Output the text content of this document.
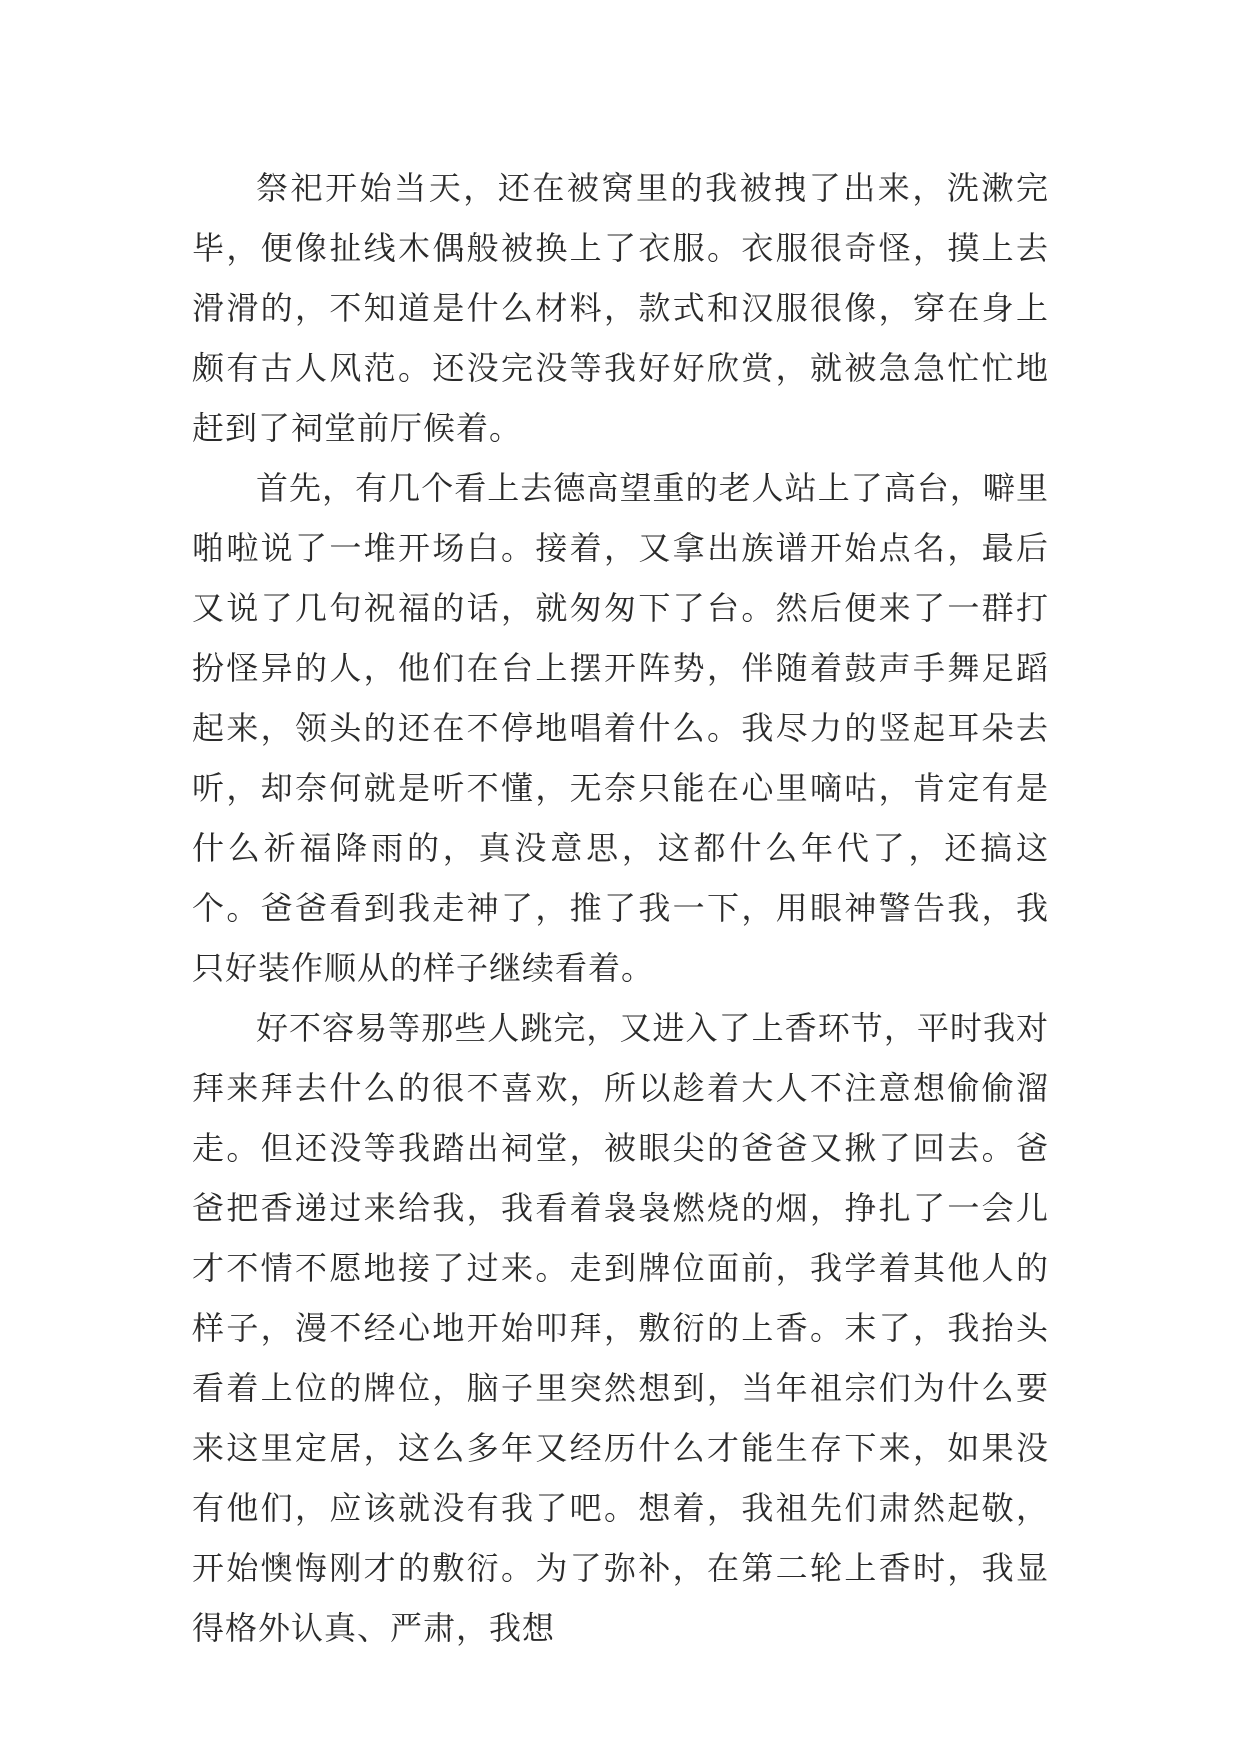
祭祀开始当天，还在被窝里的我被拽了出来，洗漱完毕，便像扯线木偶般被换上了衣服。衣服很奇怪，摸上去滑滑的，不知道是什么材料，款式和汉服很像，穿在身上颇有古人风范。还没完没等我好好欣赏，就被急急忙忙地赶到了祠堂前厅候着。

首先，有几个看上去德高望重的老人站上了高台，噼里啪啦说了一堆开场白。接着，又拿出族谱开始点名，最后又说了几句祝福的话，就匆匆下了台。然后便来了一群打扮怪异的人，他们在台上摆开阵势，伴随着鼓声手舞足蹈起来，领头的还在不停地唱着什么。我尽力的竖起耳朵去听，却奈何就是听不懂，无奈只能在心里嘀咕，肯定有是什么祈福降雨的，真没意思，这都什么年代了，还搞这个。爸爸看到我走神了，推了我一下，用眼神警告我，我只好装作顺从的样子继续看着。

好不容易等那些人跳完，又进入了上香环节，平时我对拜来拜去什么的很不喜欢，所以趁着大人不注意想偷偷溜走。但还没等我踏出祠堂，被眼尖的爸爸又揪了回去。爸爸把香递过来给我，我看着袅袅燃烧的烟，挣扎了一会儿才不情不愿地接了过来。走到牌位面前，我学着其他人的样子，漫不经心地开始叩拜，敷衍的上香。末了，我抬头看着上位的牌位，脑子里突然想到，当年祖宗们为什么要来这里定居，这么多年又经历什么才能生存下来，如果没有他们，应该就没有我了吧。想着，我祖先们肃然起敬，开始懊悔刚才的敷衍。为了弥补，在第二轮上香时，我显得格外认真、严肃，我想
